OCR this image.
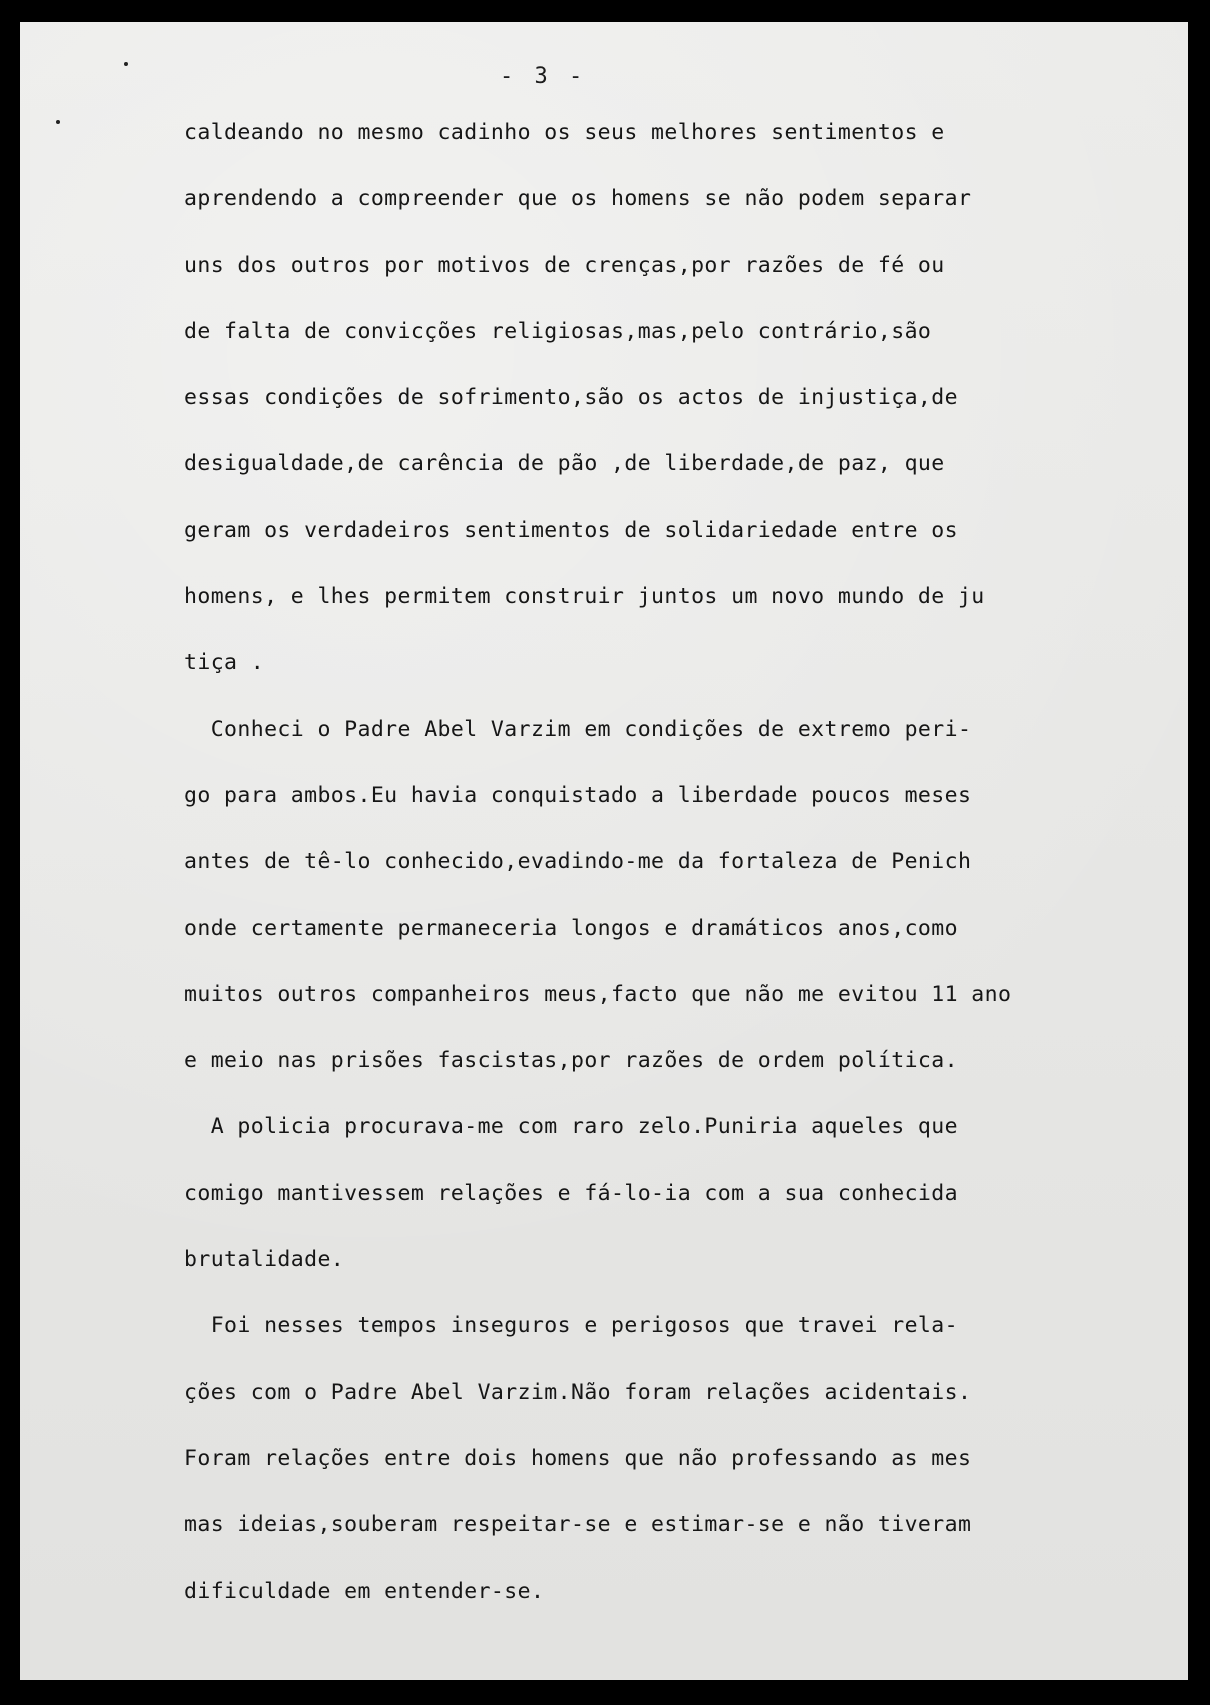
- 3 -
caldeando no mesmo cadinho os seus melhores sentimentos e
aprendendo a compreender que os homens se não podem separar
uns dos outros por motivos de crenças,por razões de fé ou
de falta de convicções religiosas,mas,pelo contrário,são
essas condições de sofrimento,são os actos de injustiça,de
desigualdade,de carência de pão ,de liberdade,de paz, que
geram os verdadeiros sentimentos de solidariedade entre os
homens, e lhes permitem construir juntos um novo mundo de ju
tiça .
Conheci o Padre Abel Varzim em condições de extremo peri-
go para ambos.Eu havia conquistado a liberdade poucos meses
antes de tê-lo conhecido,evadindo-me da fortaleza de Penich
onde certamente permaneceria longos e dramáticos anos,como
muitos outros companheiros meus,facto que não me evitou 11 ano
e meio nas prisões fascistas,por razões de ordem política.
A policia procurava-me com raro zelo.Puniria aqueles que
comigo mantivessem relações e fá-lo-ia com a sua conhecida
brutalidade.
Foi nesses tempos inseguros e perigosos que travei rela-
ções com o Padre Abel Varzim.Não foram relações acidentais.
Foram relações entre dois homens que não professando as mes
mas ideias,souberam respeitar-se e estimar-se e não tiveram
dificuldade em entender-se.
